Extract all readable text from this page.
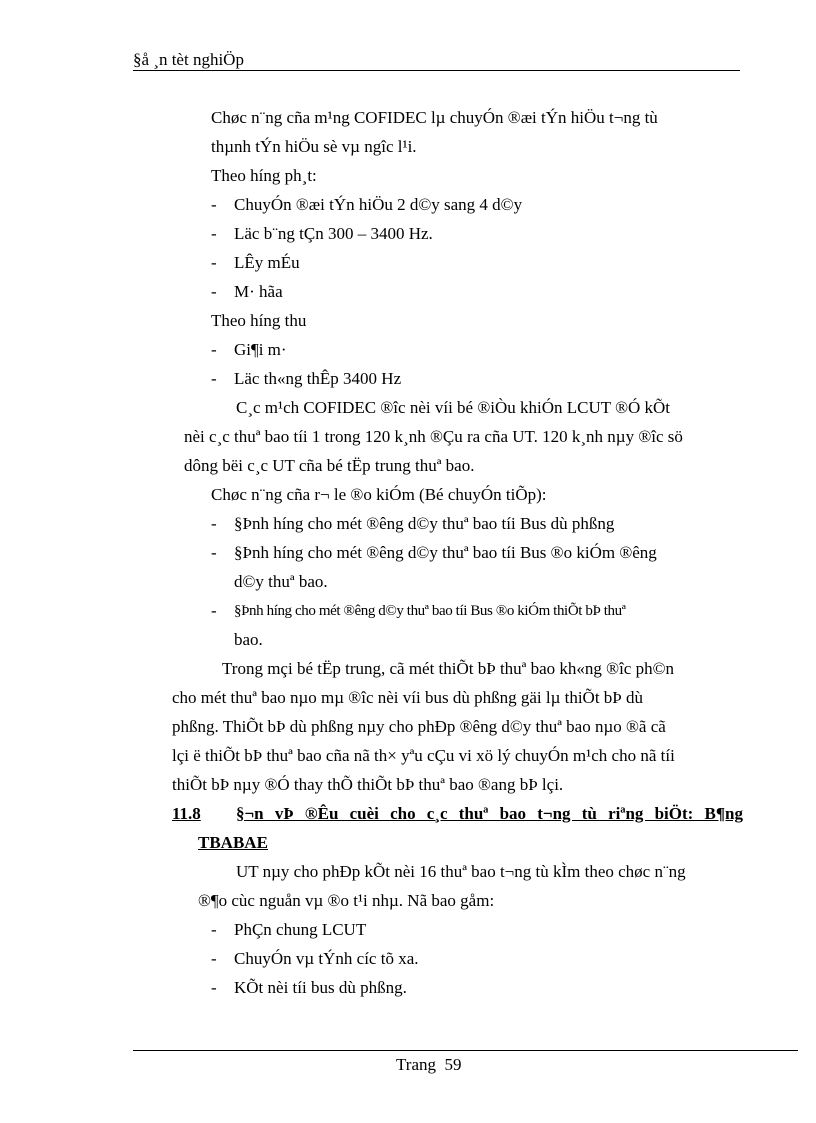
§å ¸n tèt nghiÖp
Chøc n¨ng cña m¹ng COFIDEC lµ chuyÓn ®æi tÝn hiÖu t¬ng tù
thµnh tÝn hiÖu sè vµ ngîc l¹i.
Theo híng ph¸t:
- ChuyÓn ®æi tÝn hiÖu 2 d©y sang 4 d©y
- Läc b¨ng tÇn 300 – 3400 Hz.
- LÊy mÉu
- M· hãa
Theo híng thu
- Gi¶i m·
- Läc th«ng thÊp 3400 Hz
C¸c m¹ch COFIDEC ®îc nèi víi bé ®iÒu khiÓn LCUT ®Ó kÕt
nèi c¸c thuª bao tíi 1 trong 120 k¸nh ®Çu ra cña UT. 120 k¸nh nµy ®îc sö
dông bëi c¸c UT cña bé tËp trung thuª bao.
Chøc n¨ng cña r¬ le ®o kiÓm (Bé chuyÓn tiÕp):
- §Þnh híng cho mét ®êng d©y thuª bao tíi Bus dù phßng
- §Þnh híng cho mét ®êng d©y thuª bao tíi Bus ®o kiÓm ®êng
d©y thuª bao.
- §Þnh híng cho mét ®êng d©y thuª bao tíi Bus ®o kiÓm thiÕt bÞ thuª
bao.
Trong mçi bé tËp trung, cã mét thiÕt bÞ thuª bao kh«ng ®îc ph©n
cho mét thuª bao nµo mµ ®îc nèi víi bus dù phßng gäi lµ thiÕt bÞ dù
phßng. ThiÕt bÞ dù phßng nµy cho phÐp ®êng d©y thuª bao nµo ®ã cã
lçi ë thiÕt bÞ thuª bao cña nã th× yªu cÇu vi xö lý chuyÓn m¹ch cho nã tíi
thiÕt bÞ nµy ®Ó thay thÕ thiÕt bÞ thuª bao ®ang bÞ lçi.
11.8 §¬n vÞ ®Êu cuèi cho c¸c thuª bao t¬ng tù riªng biÖt: B¶ng
TBABAE
UT nµy cho phÐp kÕt nèi 16 thuª bao t¬ng tù kÌm theo chøc n¨ng
®¶o cùc nguån vµ ®o t¹i nhµ. Nã bao gåm:
- PhÇn chung LCUT
- ChuyÓn vµ tÝnh cíc tõ xa.
- KÕt nèi tíi bus dù phßng.
Trang 59
